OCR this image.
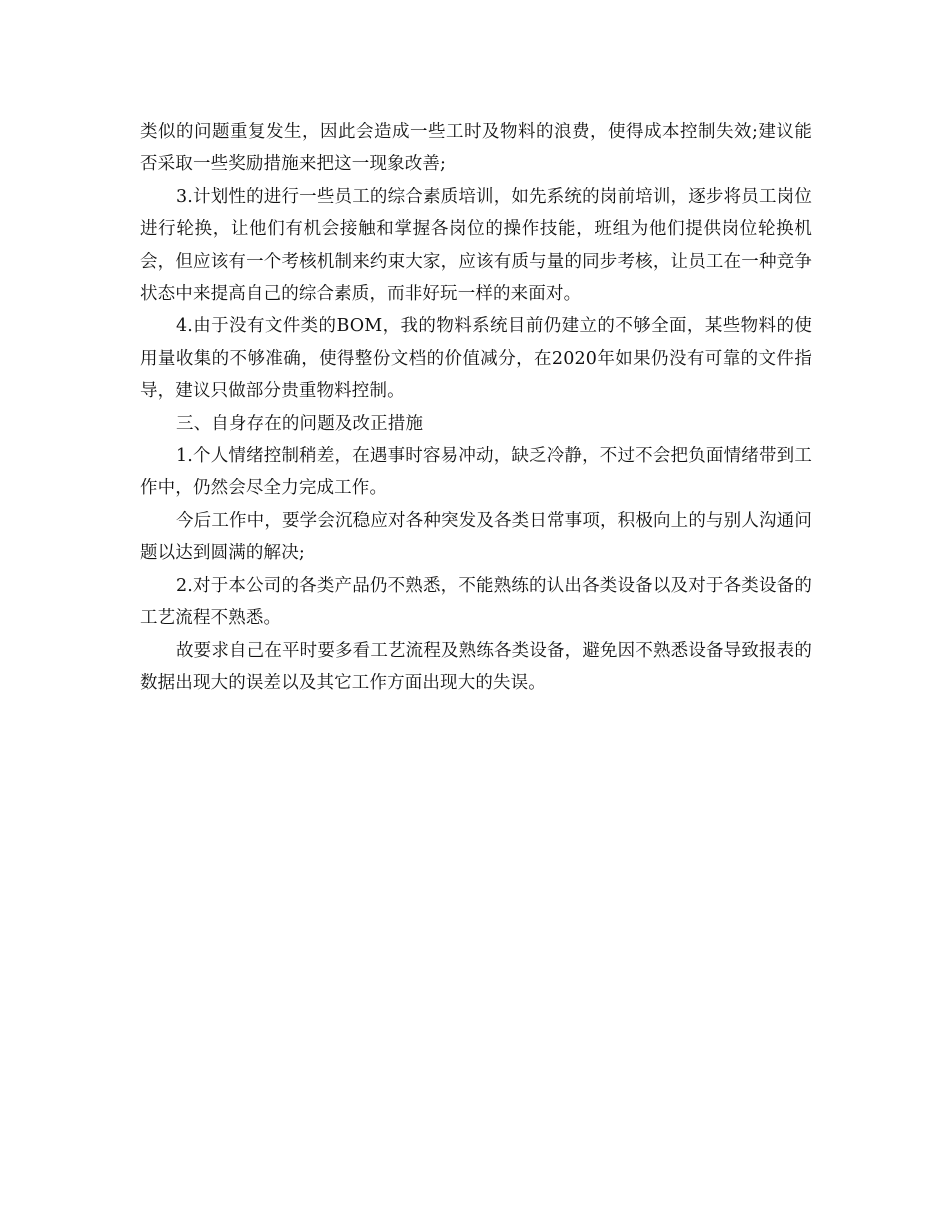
类似的问题重复发生，因此会造成一些工时及物料的浪费，使得成本控制失效;建议能否采取一些奖励措施来把这一现象改善;

3.计划性的进行一些员工的综合素质培训，如先系统的岗前培训，逐步将员工岗位进行轮换，让他们有机会接触和掌握各岗位的操作技能，班组为他们提供岗位轮换机会，但应该有一个考核机制来约束大家，应该有质与量的同步考核，让员工在一种竞争状态中来提高自己的综合素质，而非好玩一样的来面对。

4.由于没有文件类的BOM，我的物料系统目前仍建立的不够全面，某些物料的使用量收集的不够准确，使得整份文档的价值减分，在2020年如果仍没有可靠的文件指导，建议只做部分贵重物料控制。

三、自身存在的问题及改正措施

1.个人情绪控制稍差，在遇事时容易冲动，缺乏冷静，不过不会把负面情绪带到工作中，仍然会尽全力完成工作。

今后工作中，要学会沉稳应对各种突发及各类日常事项，积极向上的与别人沟通问题以达到圆满的解决;

2.对于本公司的各类产品仍不熟悉，不能熟练的认出各类设备以及对于各类设备的工艺流程不熟悉。

故要求自己在平时要多看工艺流程及熟练各类设备，避免因不熟悉设备导致报表的数据出现大的误差以及其它工作方面出现大的失误。
